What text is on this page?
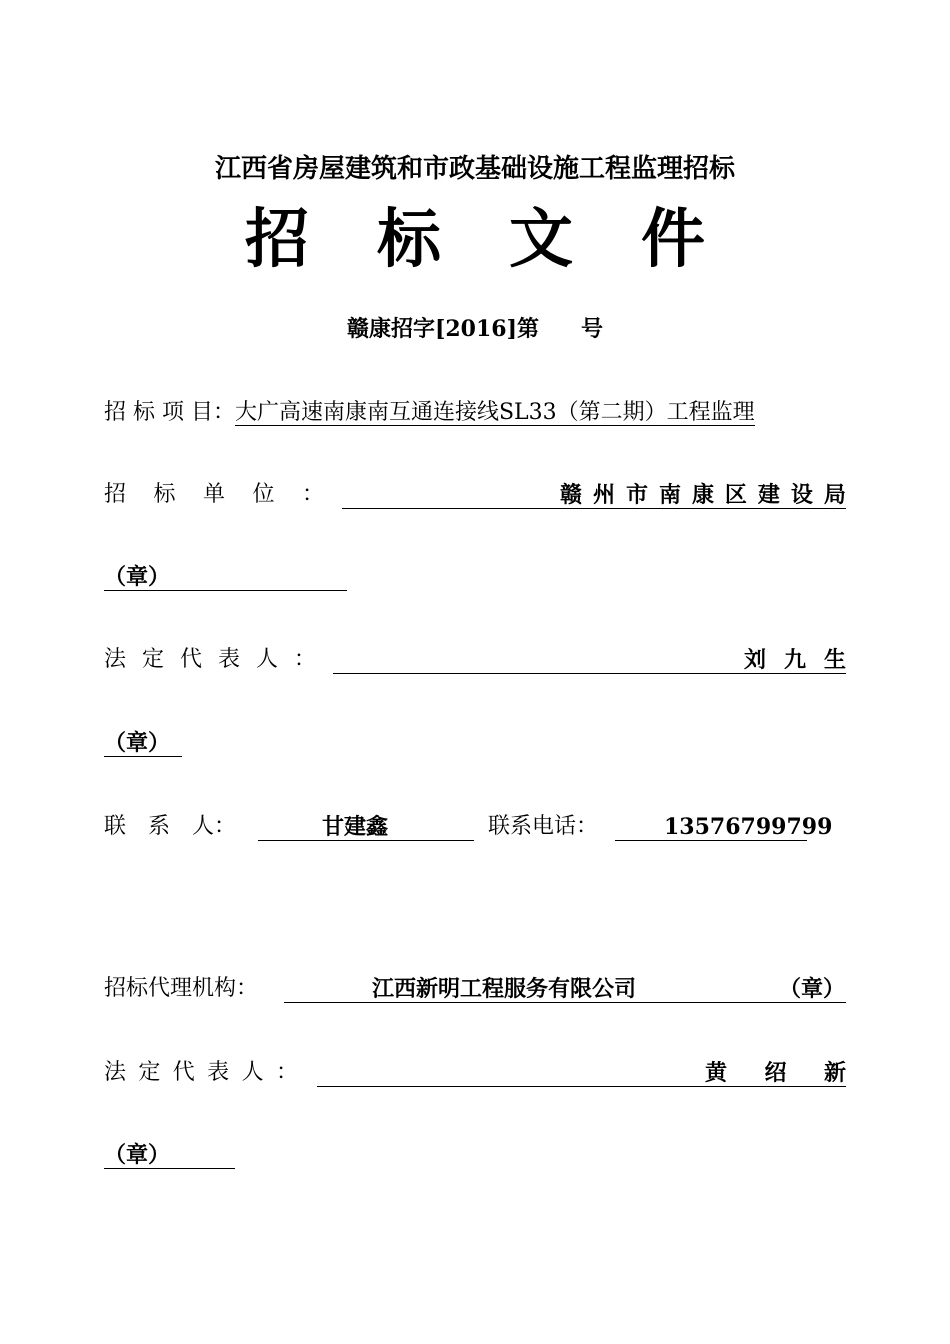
江西省房屋建筑和市政基础设施工程监理招标
招 标 文 件
赣康招字[2016]第 号
招 标 项 目：大广高速南康南互通连接线SL33（第二期）工程监理
招 标 单 位 ：	赣 州 市 南 康 区 建 设 局
（章）
法 定 代 表 人 ：	刘 九 生
（章）
联　系　人：	甘建鑫	联系电话：	13576799799
招标代理机构：	江西新明工程服务有限公司	（章）
法 定 代 表 人 ：	黄 绍 新
（章）
